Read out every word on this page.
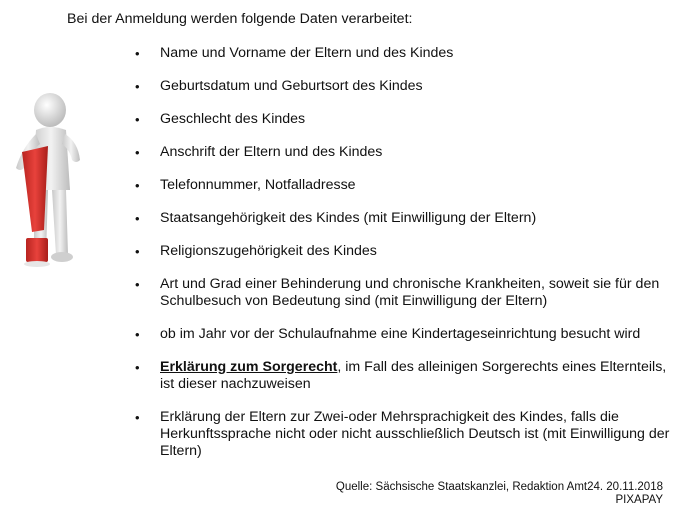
Bei der Anmeldung werden folgende Daten verarbeitet:
• Name und Vorname der Eltern und des Kindes
• Geburtsdatum und Geburtsort des Kindes
• Geschlecht des Kindes
• Anschrift der Eltern und des Kindes
• Telefonnummer, Notfalladresse
• Staatsangehörigkeit des Kindes (mit Einwilligung der Eltern)
• Religionszugehörigkeit des Kindes
• Art und Grad einer Behinderung und chronische Krankheiten, soweit sie für den Schulbesuch von Bedeutung sind (mit Einwilligung der Eltern)
• ob im Jahr vor der Schulaufnahme eine Kindertageseinrichtung besucht wird
• Erklärung zum Sorgerecht, im Fall des alleinigen Sorgerechts eines Elternteils, ist dieser nachzuweisen
• Erklärung der Eltern zur Zwei-oder Mehrsprachigkeit des Kindes, falls die Herkunftssprache nicht oder nicht ausschließlich Deutsch ist (mit Einwilligung der Eltern)
Quelle: Sächsische Staatskanzlei, Redaktion Amt24. 20.11.2018
PIXAPAY
